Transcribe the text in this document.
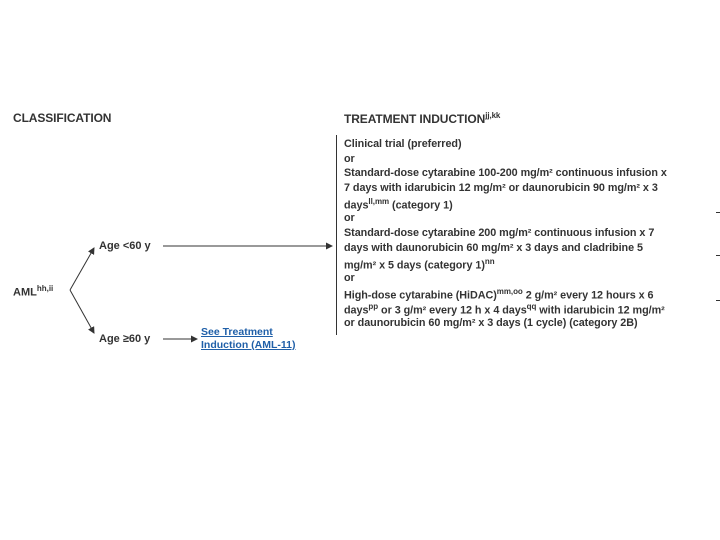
CLASSIFICATION	TREATMENT $INDUCTION^{jj,kk}$
$AML^{hh,ii}$
Age <60 y
Age ≥60 y
See Treatment
Induction (AML-11)
Clinical trial (preferred)
or
Standard-dose cytarabine 100-200 mg/m² continuous infusion x
7 days with idarubicin 12 mg/m² or daunorubicin 90 mg/m² x 3
days$^{ll,mm}$ (category 1)
or
Standard-dose cytarabine 200 mg/m² continuous infusion x 7
days with daunorubicin 60 mg/m² x 3 days and cladribine 5
mg/m² x 5 days (category 1)$^{nn}$
or
High-dose cytarabine (HiDAC)$^{mm,oo}$ 2 g/m² every 12 hours x 6
days$^{pp}$ or 3 g/m² every 12 h x 4 days$^{qq}$ with idarubicin 12 mg/m²
or daunorubicin 60 mg/m² x 3 days (1 cycle) (category 2B)
